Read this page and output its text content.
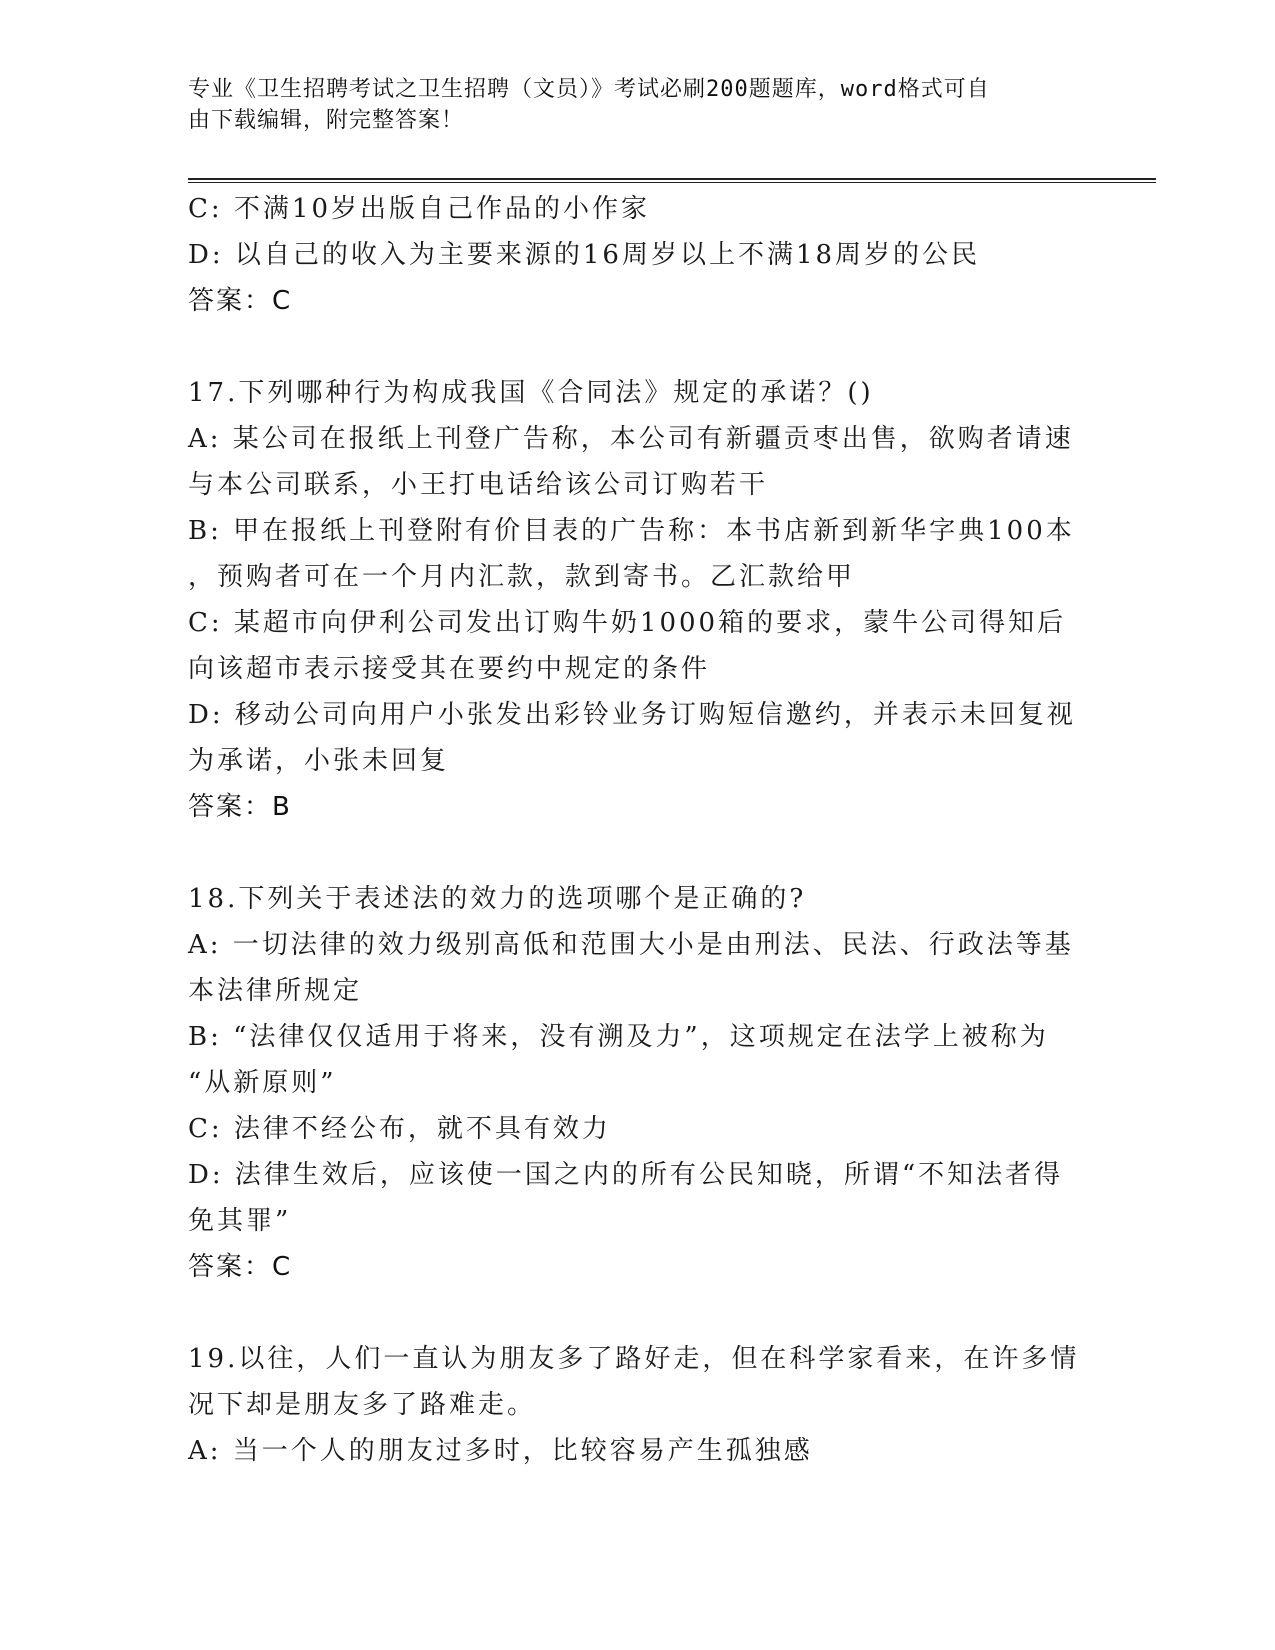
专业《卫生招聘考试之卫生招聘（文员）》考试必刷200题题库，word格式可自
由下载编辑，附完整答案！
C: 不满10岁出版自己作品的小作家
D: 以自己的收入为主要来源的16周岁以上不满18周岁的公民
答案：C
17.下列哪种行为构成我国《合同法》规定的承诺？()
A: 某公司在报纸上刊登广告称，本公司有新疆贡枣出售，欲购者请速
与本公司联系，小王打电话给该公司订购若干
B: 甲在报纸上刊登附有价目表的广告称：本书店新到新华字典100本
，预购者可在一个月内汇款，款到寄书。乙汇款给甲
C: 某超市向伊利公司发出订购牛奶1000箱的要求，蒙牛公司得知后
向该超市表示接受其在要约中规定的条件
D: 移动公司向用户小张发出彩铃业务订购短信邀约，并表示未回复视
为承诺，小张未回复
答案：B
18.下列关于表述法的效力的选项哪个是正确的?
A: 一切法律的效力级别高低和范围大小是由刑法、民法、行政法等基
本法律所规定
B: “法律仅仅适用于将来，没有溯及力”，这项规定在法学上被称为
“从新原则”
C: 法律不经公布，就不具有效力
D: 法律生效后，应该使一国之内的所有公民知晓，所谓“不知法者得
免其罪”
答案：C
19.以往，人们一直认为朋友多了路好走，但在科学家看来，在许多情
况下却是朋友多了路难走。
A: 当一个人的朋友过多时，比较容易产生孤独感
